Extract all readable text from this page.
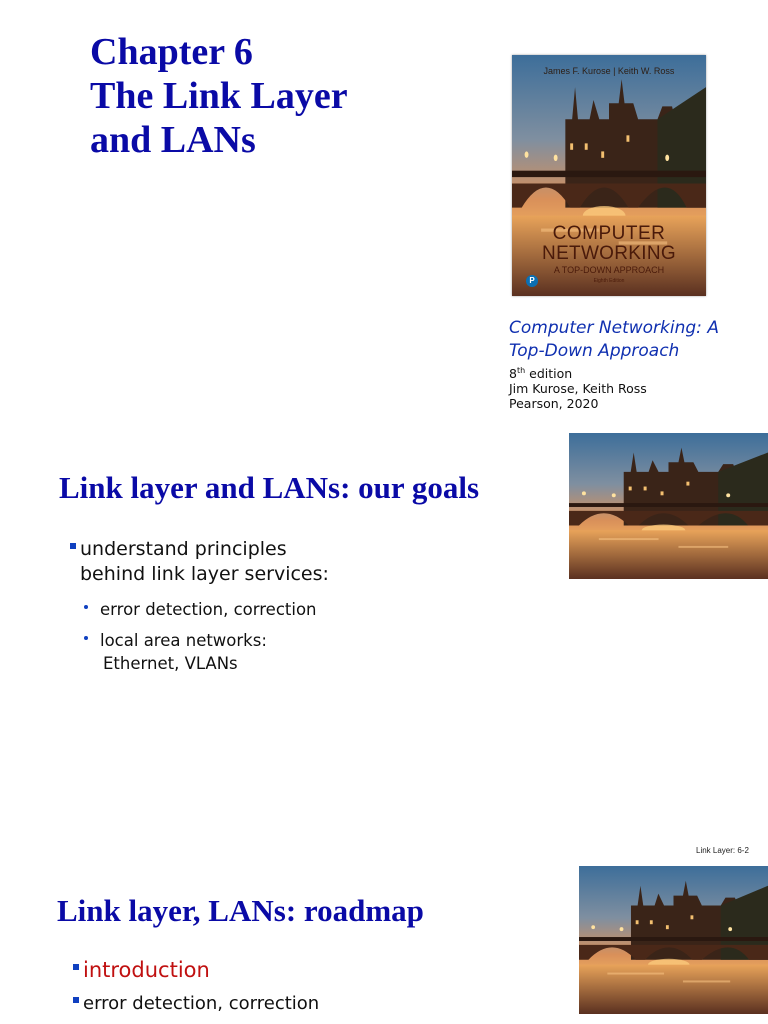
Chapter 6
The Link Layer
and LANs
James F. Kurose | Keith W. Ross
COMPUTER
NETWORKING
A TOP-DOWN APPROACH
Eighth Edition
P
Computer Networking: A Top-Down Approach
8th edition
Jim Kurose, Keith Ross
Pearson, 2020
Link layer and LANs: our goals
understand principles
behind link layer services:
error detection, correction
local area networks:
Ethernet, VLANs
Link Layer: 6-2
Link layer, LANs: roadmap
introduction
error detection, correction
